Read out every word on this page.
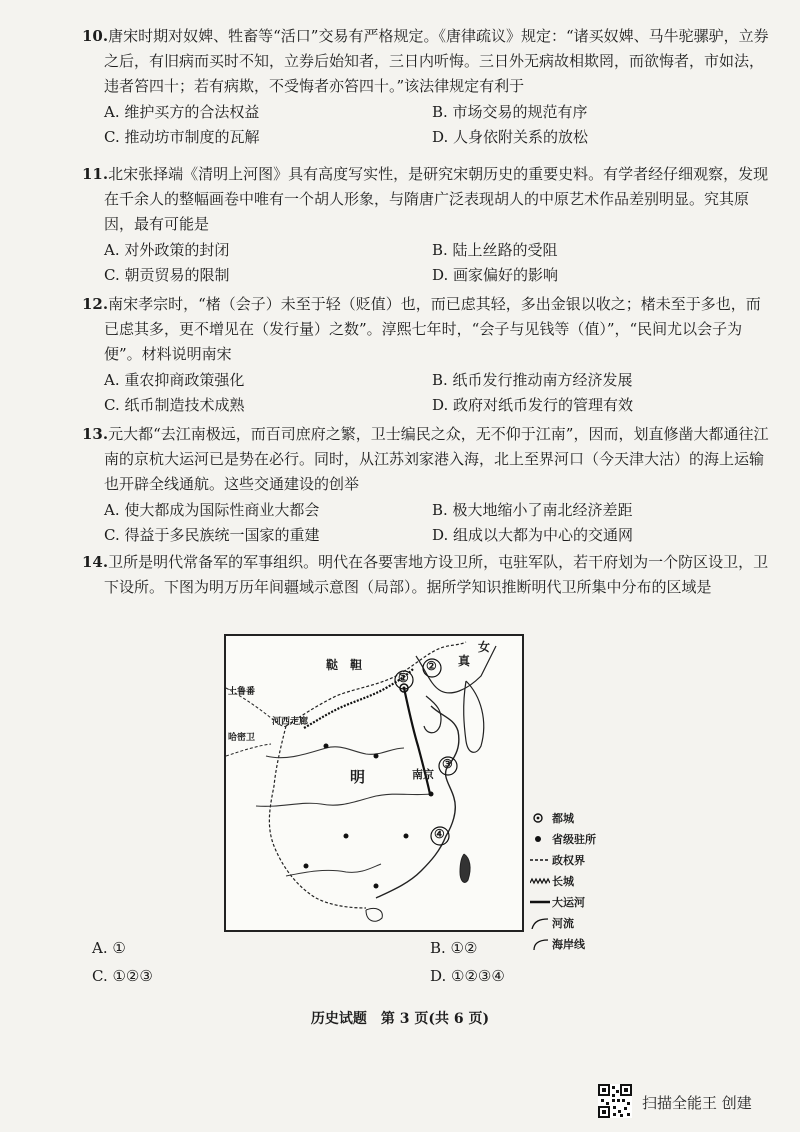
10.唐宋时期对奴婢、牲畜等“活口”交易有严格规定。《唐律疏议》规定：“诸买奴婢、马牛驼骡驴，立券之后，有旧病而买时不知，立券后始知者，三日内听悔。三日外无病故相欺罔，而欲悔者，市如法，违者笞四十；若有病欺，不受悔者亦笞四十。”该法律规定有利于

A. 维护买方的合法权益	B. 市场交易的规范有序
C. 推动坊市制度的瓦解	D. 人身依附关系的放松

11.北宋张择端《清明上河图》具有高度写实性，是研究宋朝历史的重要史料。有学者经仔细观察，发现在千余人的整幅画卷中唯有一个胡人形象，与隋唐广泛表现胡人的中原艺术作品差别明显。究其原因，最有可能是

A. 对外政策的封闭	B. 陆上丝路的受阻
C. 朝贡贸易的限制	D. 画家偏好的影响

12.南宋孝宗时，“楮（会子）未至于轻（贬值）也，而已虑其轻，多出金银以收之；楮未至于多也，而已虑其多，更不增见在（发行量）之数”。淳熙七年时，“会子与见钱等（值）”，“民间尤以会子为便”。材料说明南宋

A. 重农抑商政策强化	B. 纸币发行推动南方经济发展
C. 纸币制造技术成熟	D. 政府对纸币发行的管理有效

13.元大都“去江南极远，而百司庶府之繁，卫士编民之众，无不仰于江南”，因而，划直修凿大都通往江南的京杭大运河已是势在必行。同时，从江苏刘家港入海，北上至界河口（今天津大沽）的海上运输也开辟全线通航。这些交通建设的创举

A. 使大都成为国际性商业大都会	B. 极大地缩小了南北经济差距
C. 得益于多民族统一国家的重建	D. 组成以大都为中心的交通网

14.卫所是明代常备军的军事组织。明代在各要害地方设卫所，屯驻军队，若干府划为一个防区设卫，卫下设所。下图为明万历年间疆域示意图（局部）。据所学知识推断明代卫所集中分布的区域是

鞑　靼
女
真
土鲁番
哈密卫
河西走廊
明	南京
①
②
③
④
都城
省级驻所
政权界
长城
大运河
河流
海岸线
A. ①	B. ①②
C. ①②③	D. ①②③④
历史试题　第 3 页(共 6 页)
扫描全能王 创建
